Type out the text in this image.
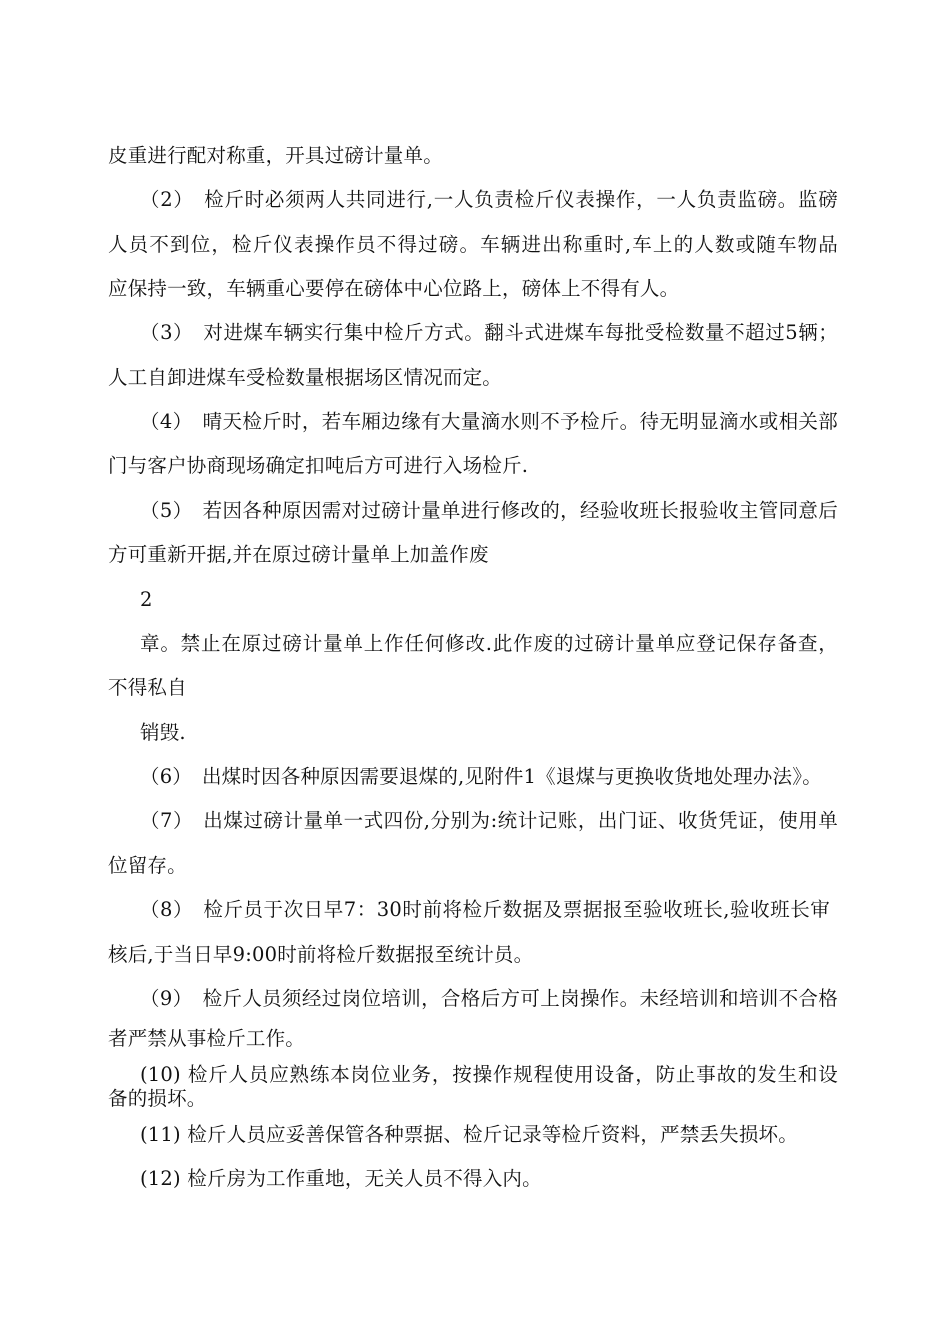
皮重进行配对称重，开具过磅计量单。
（2）　检斤时必须两人共同进行,一人负责检斤仪表操作，一人负责监磅。监磅
人员不到位，检斤仪表操作员不得过磅。车辆进出称重时,车上的人数或随车物品
应保持一致，车辆重心要停在磅体中心位路上，磅体上不得有人。
（3）　对进煤车辆实行集中检斤方式。翻斗式进煤车每批受检数量不超过5辆；
人工自卸进煤车受检数量根据场区情况而定。
（4）　晴天检斤时，若车厢边缘有大量滴水则不予检斤。待无明显滴水或相关部
门与客户协商现场确定扣吨后方可进行入场检斤.
（5）　若因各种原因需对过磅计量单进行修改的，经验收班长报验收主管同意后
方可重新开据,并在原过磅计量单上加盖作废
2
章。禁止在原过磅计量单上作任何修改.此作废的过磅计量单应登记保存备查，
不得私自
销毁.
（6）　出煤时因各种原因需要退煤的,见附件1《退煤与更换收货地处理办法》。
（7）　出煤过磅计量单一式四份,分别为:统计记账，出门证、收货凭证，使用单
位留存。
（8）　检斤员于次日早7：30时前将检斤数据及票据报至验收班长,验收班长审
核后,于当日早9:00时前将检斤数据报至统计员。
（9）　检斤人员须经过岗位培训，合格后方可上岗操作。未经培训和培训不合格
者严禁从事检斤工作。
(10) 检斤人员应熟练本岗位业务，按操作规程使用设备，防止事故的发生和设
备的损坏。
(11) 检斤人员应妥善保管各种票据、检斤记录等检斤资料，严禁丢失损坏。
(12) 检斤房为工作重地，无关人员不得入内。
